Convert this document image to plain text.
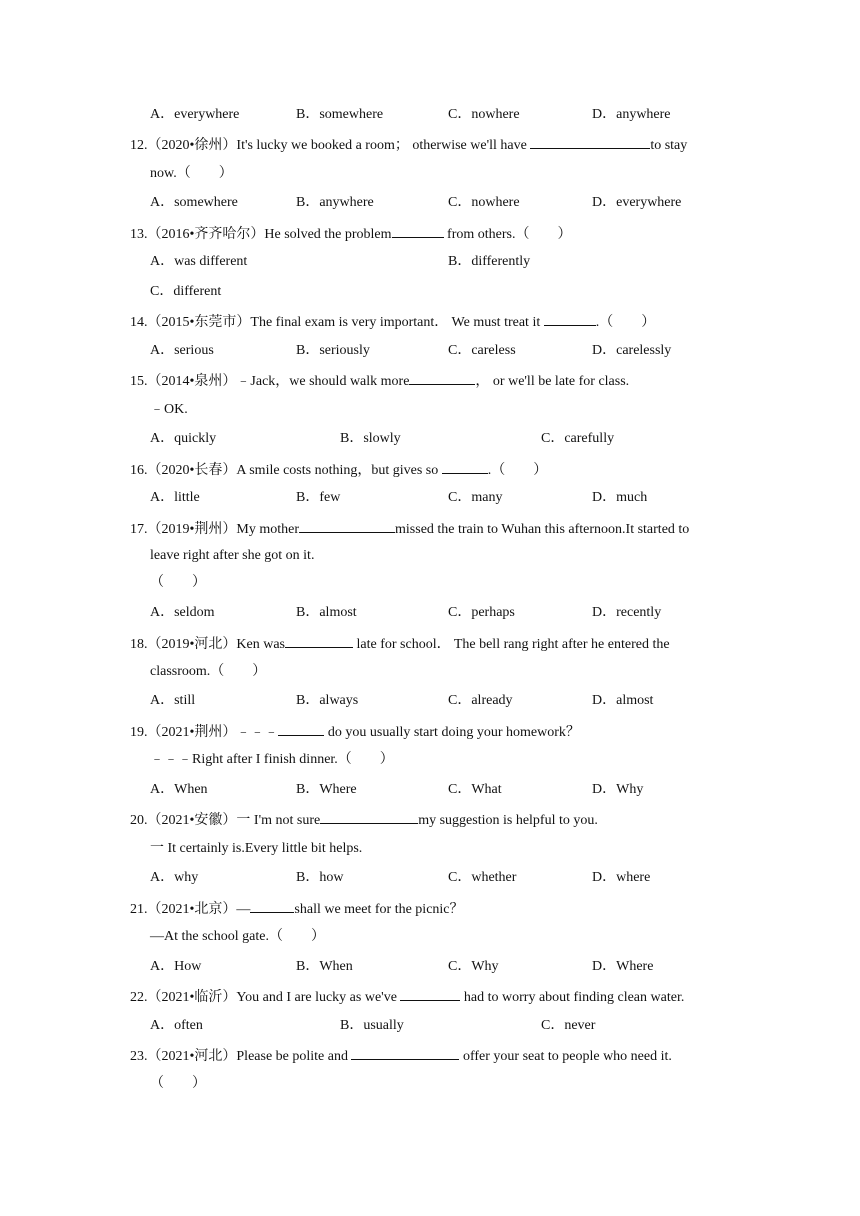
A．everywhere	B．somewhere	C．nowhere	D．anywhere
12.（2020•徐州）It's lucky we booked a room； otherwise we'll have	to stay
now.（　　）
A．somewhere	B．anywhere	C．nowhere	D．everywhere
13.（2016•齐齐哈尔）He solved the problem	from others.（　　）
A．was different	B．differently
C．different
14.（2015•东莞市）The final exam is very important． We must treat it	.（　　）
A．serious	B．seriously	C．careless	D．carelessly
15.（2014•泉州）﹣Jack，we should walk more	， or we'll be late for class.
﹣OK.
A．quickly	B．slowly	C．carefully
16.（2020•长春）A smile costs nothing，but gives so	.（　　）
A．little	B．few	C．many	D．much
17.（2019•荆州）My mother	missed the train to Wuhan this afternoon.It started to
leave right after she got on it.
（　　）
A．seldom	B．almost	C．perhaps	D．recently
18.（2019•河北）Ken was	late for school． The bell rang right after he entered the
classroom.（　　）
A．still	B．always	C．already	D．almost
19.（2021•荆州）﹣﹣﹣	do you usually start doing your homework？
﹣﹣﹣Right after I finish dinner.（　　）
A．When	B．Where	C．What	D．Why
20.（2021•安徽）一 I'm not sure	my suggestion is helpful to you.
一 It certainly is.Every little bit helps.
A．why	B．how	C．whether	D．where
21.（2021•北京）—	shall we meet for the picnic？
—At the school gate.（　　）
A．How	B．When	C．Why	D．Where
22.（2021•临沂）You and I are lucky as we've	had to worry about finding clean water.
A．often	B．usually	C．never
23.（2021•河北）Please be polite and	offer your seat to people who need it.
（　　）
